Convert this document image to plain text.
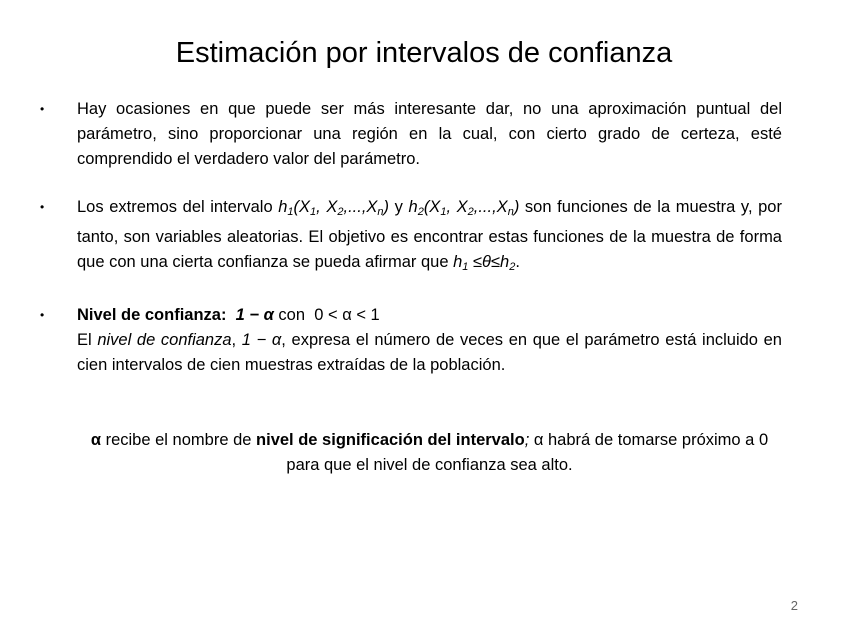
Estimación por intervalos de confianza
• Hay ocasiones en que puede ser más interesante dar, no una aproximación puntual del parámetro, sino proporcionar una región en la cual, con cierto grado de certeza, esté comprendido el verdadero valor del parámetro.
• Los extremos del intervalo $h_1(X_1$, $X_2,...,X_n$) y $h_2(X_1$, $X_2,...,X_n$) son funciones de la muestra y, por tanto, son variables aleatorias. El objetivo es encontrar estas funciones de la muestra de forma que con una cierta confianza se pueda afirmar que $h_1 \le\theta\le h_2$.
• Nivel de confianza: 1 − α con  0 < α < 1
El nivel de confianza, 1 − α, expresa el número de veces en que el parámetro está incluido en cien intervalos de cien muestras extraídas de la población.
α recibe el nombre de nivel de significación del intervalo; α habrá de tomarse próximo a 0 para que el nivel de confianza sea alto.
2
